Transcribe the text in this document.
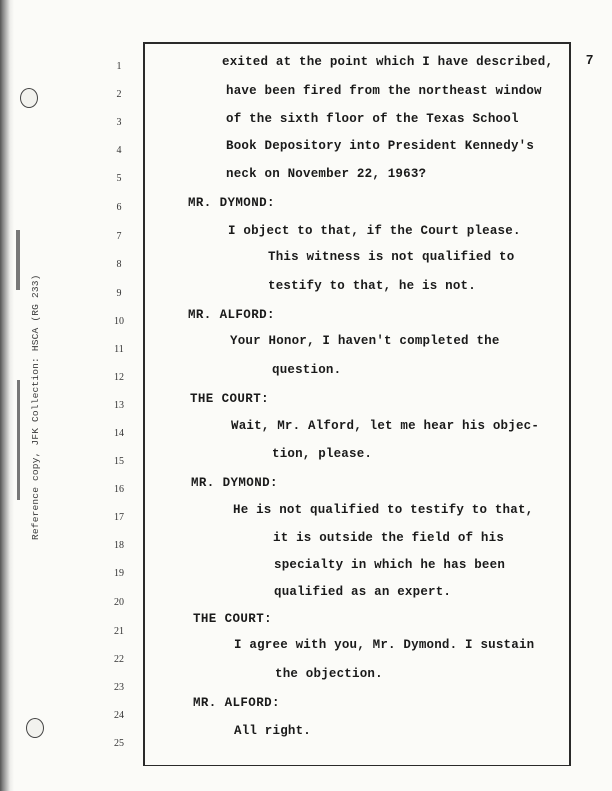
Reference copy, JFK Collection: HSCA (RG 233)
7
1
2
3
4
5
6
7
8
9
10
11
12
13
14
15
16
17
18
19
20
21
22
23
24
25
exited at the point which I have described,
have been fired from the northeast window
of the sixth floor of the Texas School
Book Depository into President Kennedy's
neck on November 22, 1963?
MR. DYMOND:
I object to that, if the Court please.
This witness is not qualified to
testify to that, he is not.
MR. ALFORD:
Your Honor, I haven't completed the
question.
THE COURT:
Wait, Mr. Alford, let me hear his objec-
tion, please.
MR. DYMOND:
He is not qualified to testify to that,
it is outside the field of his
specialty in which he has been
qualified as an expert.
THE COURT:
I agree with you, Mr. Dymond. I sustain
the objection.
MR. ALFORD:
All right.
